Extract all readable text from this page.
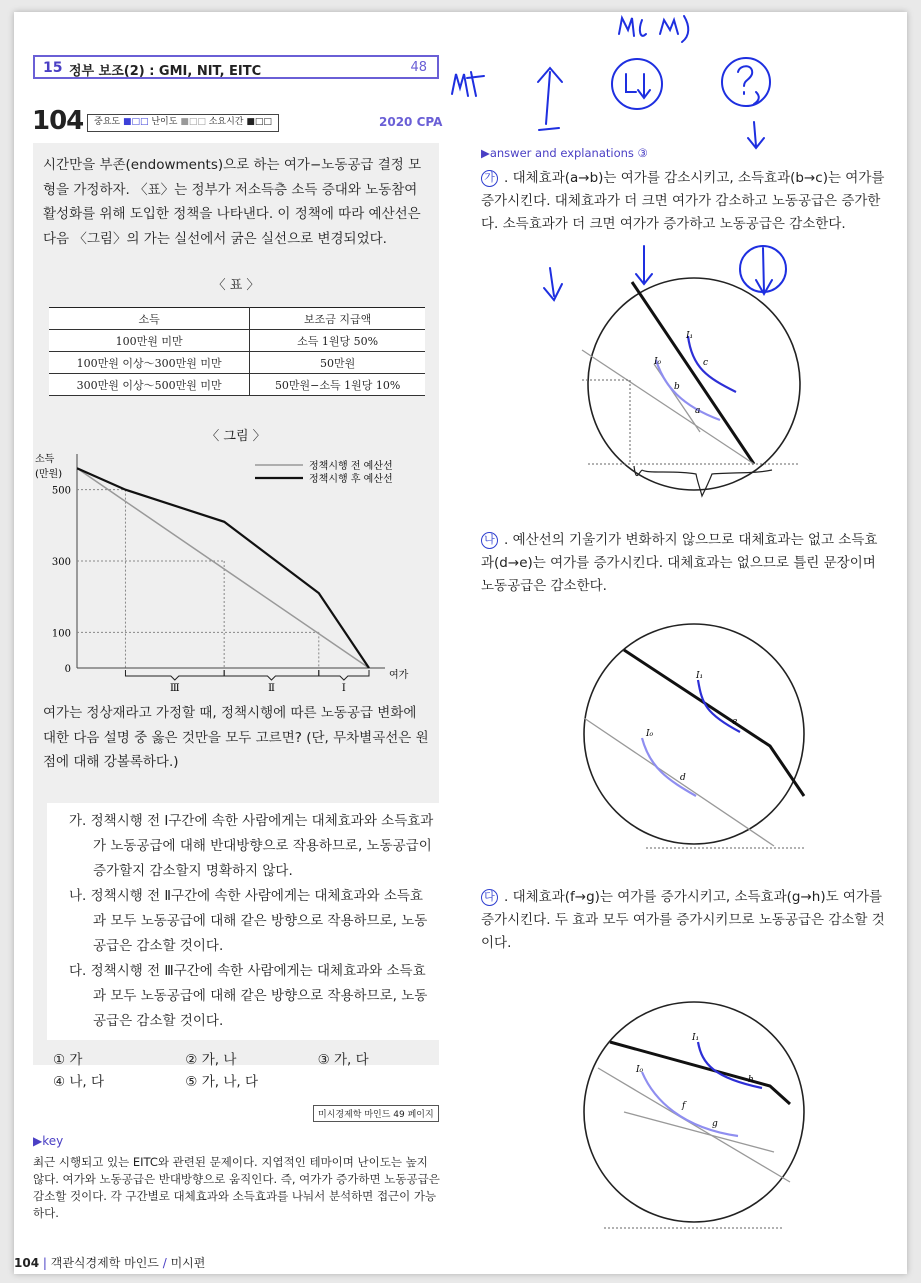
15 정부 보조(2) : GMI, NIT, EITC	48
104	중요도 ■□□ 난이도 ■□□ 소요시간 ■□□	2020 CPA
시간만을 부존(endowments)으로 하는 여가−노동공급 결정 모형을 가정하자. 〈표〉는 정부가 저소득층 소득 증대와 노동참여 활성화를 위해 도입한 정책을 나타낸다. 이 정책에 따라 예산선은 다음 〈그림〉의 가는 실선에서 굵은 실선으로 변경되었다.
〈 표 〉
소득	보조금 지급액
100만원 미만	소득 1원당 50%
100만원 이상～300만원 미만	50만원
300만원 이상～500만원 미만	50만원−소득 1원당 10%
〈 그림 〉
소득
(만원)
여가
0
100
300
500
정책시행 전 예산선
정책시행 후 예산선
Ⅲ	Ⅱ	Ⅰ
여가는 정상재라고 가정할 때, 정책시행에 따른 노동공급 변화에 대한 다음 설명 중 옳은 것만을 모두 고르면? (단, 무차별곡선은 원점에 대해 강볼록하다.)
가. 정책시행 전 Ⅰ구간에 속한 사람에게는 대체효과와 소득효과가 노동공급에 대해 반대방향으로 작용하므로, 노동공급이 증가할지 감소할지 명확하지 않다.
나. 정책시행 전 Ⅱ구간에 속한 사람에게는 대체효과와 소득효과 모두 노동공급에 대해 같은 방향으로 작용하므로, 노동공급은 감소할 것이다.
다. 정책시행 전 Ⅲ구간에 속한 사람에게는 대체효과와 소득효과 모두 노동공급에 대해 같은 방향으로 작용하므로, 노동공급은 감소할 것이다.
① 가	② 가, 나	③ 가, 다
④ 나, 다	⑤ 가, 나, 다
미시경제학 마인드 49 페이지
▶key
최근 시행되고 있는 EITC와 관련된 문제이다. 지엽적인 테마이며 난이도는 높지 않다. 여가와 노동공급은 반대방향으로 움직인다. 즉, 여가가 증가하면 노동공급은 감소할 것이다. 각 구간별로 대체효과와 소득효과를 나눠서 분석하면 접근이 가능하다.
104 | 객관식경제학 마인드 / 미시편
▶answer and explanations ③
가 . 대체효과(a→b)는 여가를 감소시키고, 소득효과(b→c)는 여가를 증가시킨다. 대체효과가 더 크면 여가가 감소하고 노동공급은 증가한다. 소득효과가 더 크면 여가가 증가하고 노동공급은 감소한다.
I₁
I₀	c
b
a
나 . 예산선의 기울기가 변화하지 않으므로 대체효과는 없고 소득효과(d→e)는 여가를 증가시킨다. 대체효과는 없으므로 틀린 문장이며 노동공급은 감소한다.
I₁
I₀
e
d
다 . 대체효과(f→g)는 여가를 증가시키고, 소득효과(g→h)도 여가를 증가시킨다. 두 효과 모두 여가를 증가시키므로 노동공급은 감소할 것이다.
I₁
I₀
h
f
g
